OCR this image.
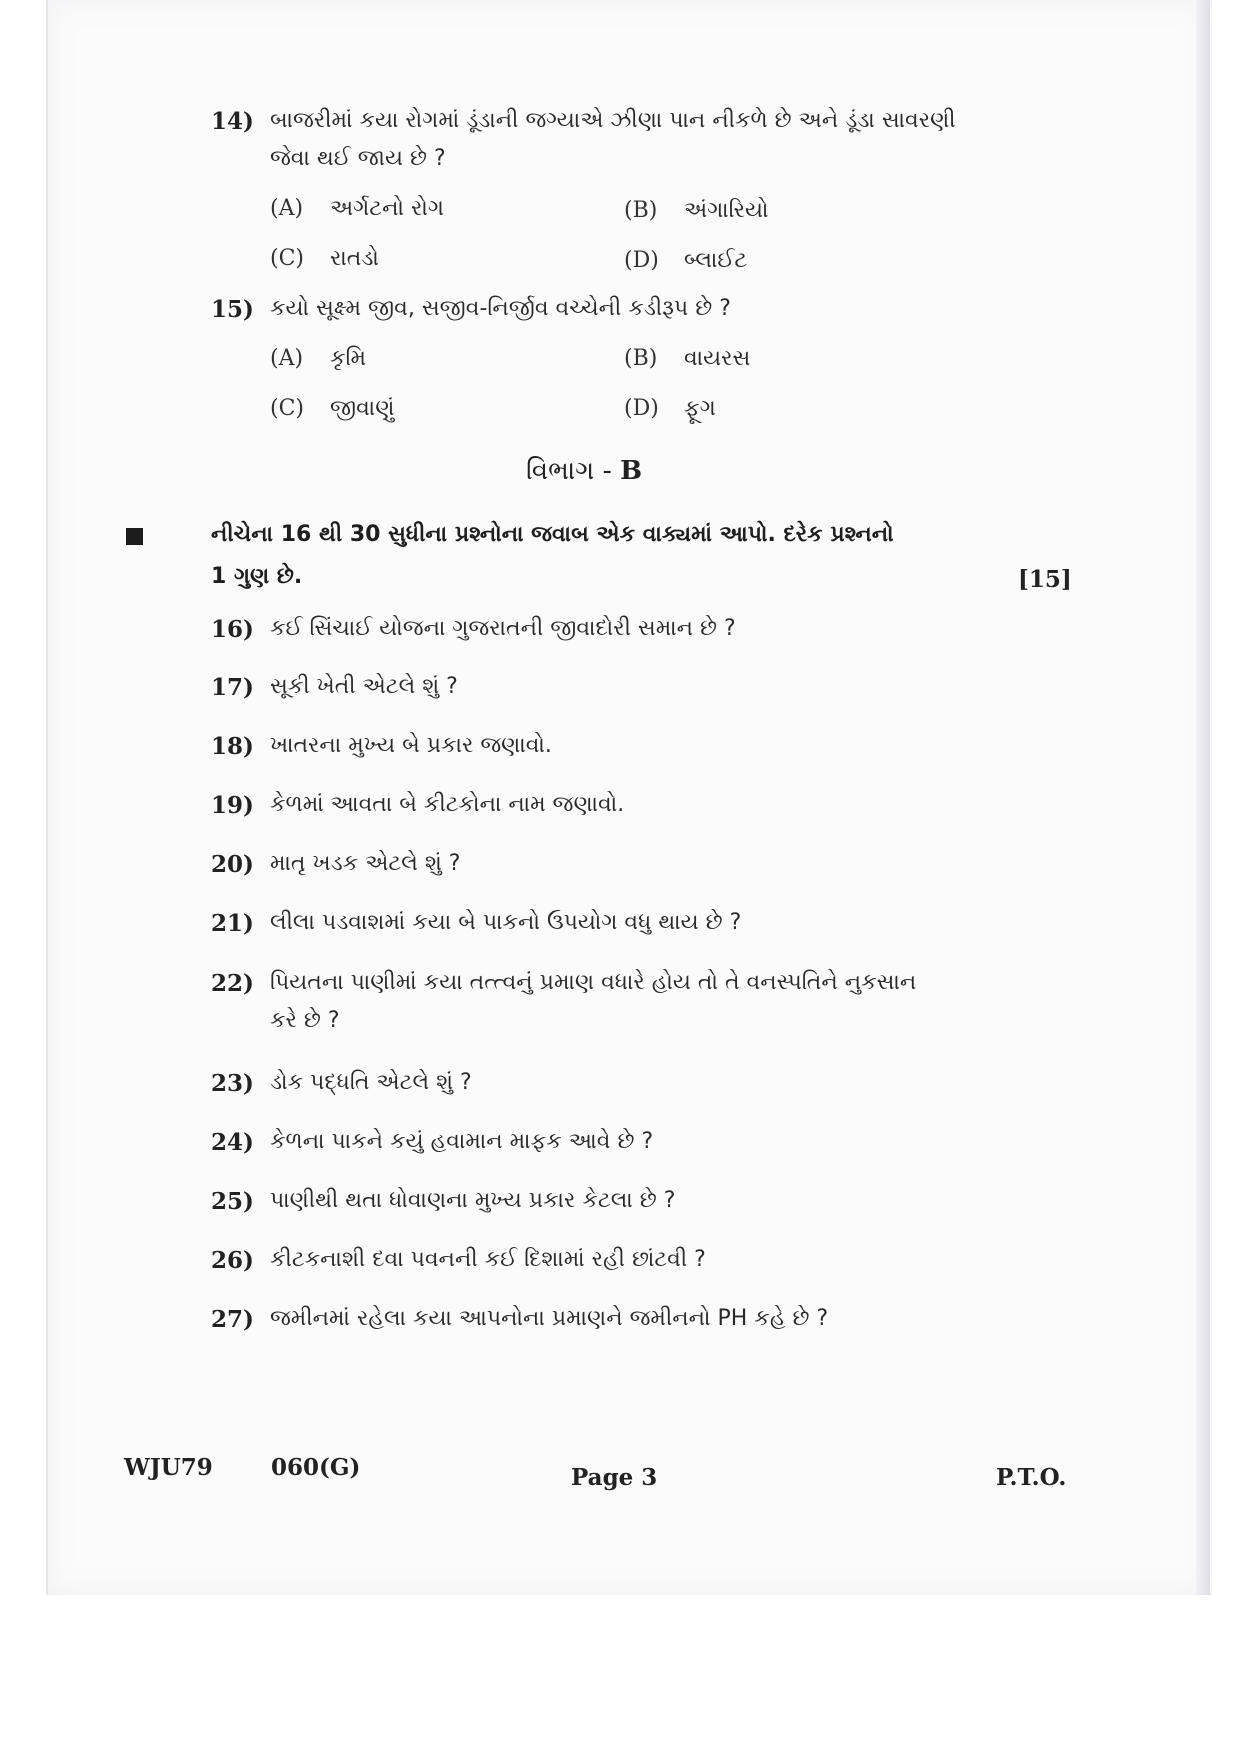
14) બાજરીમાં કયા રોગમાં ડૂંડાની જગ્યાએ ઝીણા પાન નીકળે છે અને ડૂંડા સાવરણી
જેવા થઈ જાય છે ?
(A) અર્ગટનો રોગ	(B) અંગારિયો
(C) રાતડો	(D) બ્લાઈટ
15) કયો સૂક્ષ્મ જીવ, સજીવ-નિર્જીવ વચ્ચેની કડીરૂપ છે ?
(A) કૃમિ	(B) વાયરસ
(C) જીવાણું	(D) ફૂગ
વિભાગ - B
નીચેના 16 થી 30 સુધીના પ્રશ્નોના જવાબ એક વાક્યમાં આપો. દરેક પ્રશ્નનો
1 ગુણ છે.	[15]
16) કઈ સિંચાઈ યોજના ગુજરાતની જીવાદોરી સમાન છે ?
17) સૂકી ખેતી એટલે શું ?
18) ખાતરના મુખ્ય બે પ્રકાર જણાવો.
19) કેળમાં આવતા બે કીટકોના નામ જણાવો.
20) માતૃ ખડક એટલે શું ?
21) લીલા પડવાશમાં કયા બે પાકનો ઉપયોગ વધુ થાય છે ?
22) પિયતના પાણીમાં કયા તત્ત્વનું પ્રમાણ વધારે હોય તો તે વનસ્પતિને નુકસાન
કરે છે ?
23) ડોક પદ્ધતિ એટલે શું ?
24) કેળના પાકને કયું હવામાન માફક આવે છે ?
25) પાણીથી થતા ધોવાણના મુખ્ય પ્રકાર કેટલા છે ?
26) કીટકનાશી દવા પવનની કઈ દિશામાં રહી છાંટવી ?
27) જમીનમાં રહેલા કયા આપનોના પ્રમાણને જમીનનો PH કહે છે ?
WJU79	060(G)	Page 3	P.T.O.
